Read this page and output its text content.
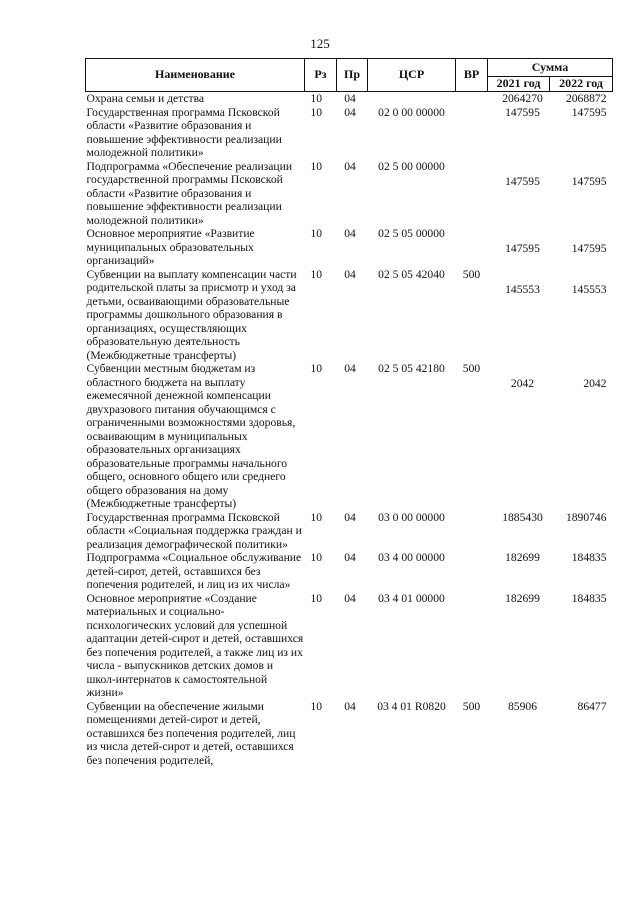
125
Наименование	Рз	Пр	ЦСР	ВР	Сумма	
					2021 год	2022 год
Охрана семьи и детства	10	04			2064270	2068872
Государственная программа Псковской области «Развитие образования и повышение эффективности реализации молодежной политики»	10	04	02 0 00 00000		147595	147595
Подпрограмма «Обеспечение реализации государственной программы Псковской области «Развитие образования и повышение эффективности реализации молодежной политики»	10	04	02 5 00 00000		147595	147595
Основное мероприятие «Развитие муниципальных образовательных организаций»	10	04	02 5 05 00000		147595	147595
Субвенции на выплату компенсации части родительской платы за присмотр и уход за детьми, осваивающими образовательные программы дошкольного образования в организациях, осуществляющих образовательную деятельность (Межбюджетные трансферты)	10	04	02 5 05 42040	500	145553	145553
Субвенции местным бюджетам из областного бюджета на выплату ежемесячной денежной компенсации двухразового питания обучающимся с ограниченными возможностями здоровья, осваивающим в муниципальных образовательных организациях образовательные программы начального общего, основного общего или среднего общего образования на дому (Межбюджетные трансферты)	10	04	02 5 05 42180	500	2042	2042
Государственная программа Псковской области «Социальная поддержка граждан и реализация демографической политики»	10	04	03 0 00 00000		1885430	1890746
Подпрограмма «Социальное обслуживание детей-сирот, детей, оставшихся без попечения родителей, и лиц из их числа»	10	04	03 4 00 00000		182699	184835
Основное мероприятие «Создание материальных и социально-психологических условий для успешной адаптации детей-сирот и детей, оставшихся без попечения родителей, а также лиц из их числа - выпускников детских домов и школ-интернатов к самостоятельной жизни»	10	04	03 4 01 00000		182699	184835
Субвенции на обеспечение жилыми помещениями детей-сирот и детей, оставшихся без попечения родителей, лиц из числа детей-сирот и детей, оставшихся без попечения родителей,	10	04	03 4 01 R0820	500	85906	86477
